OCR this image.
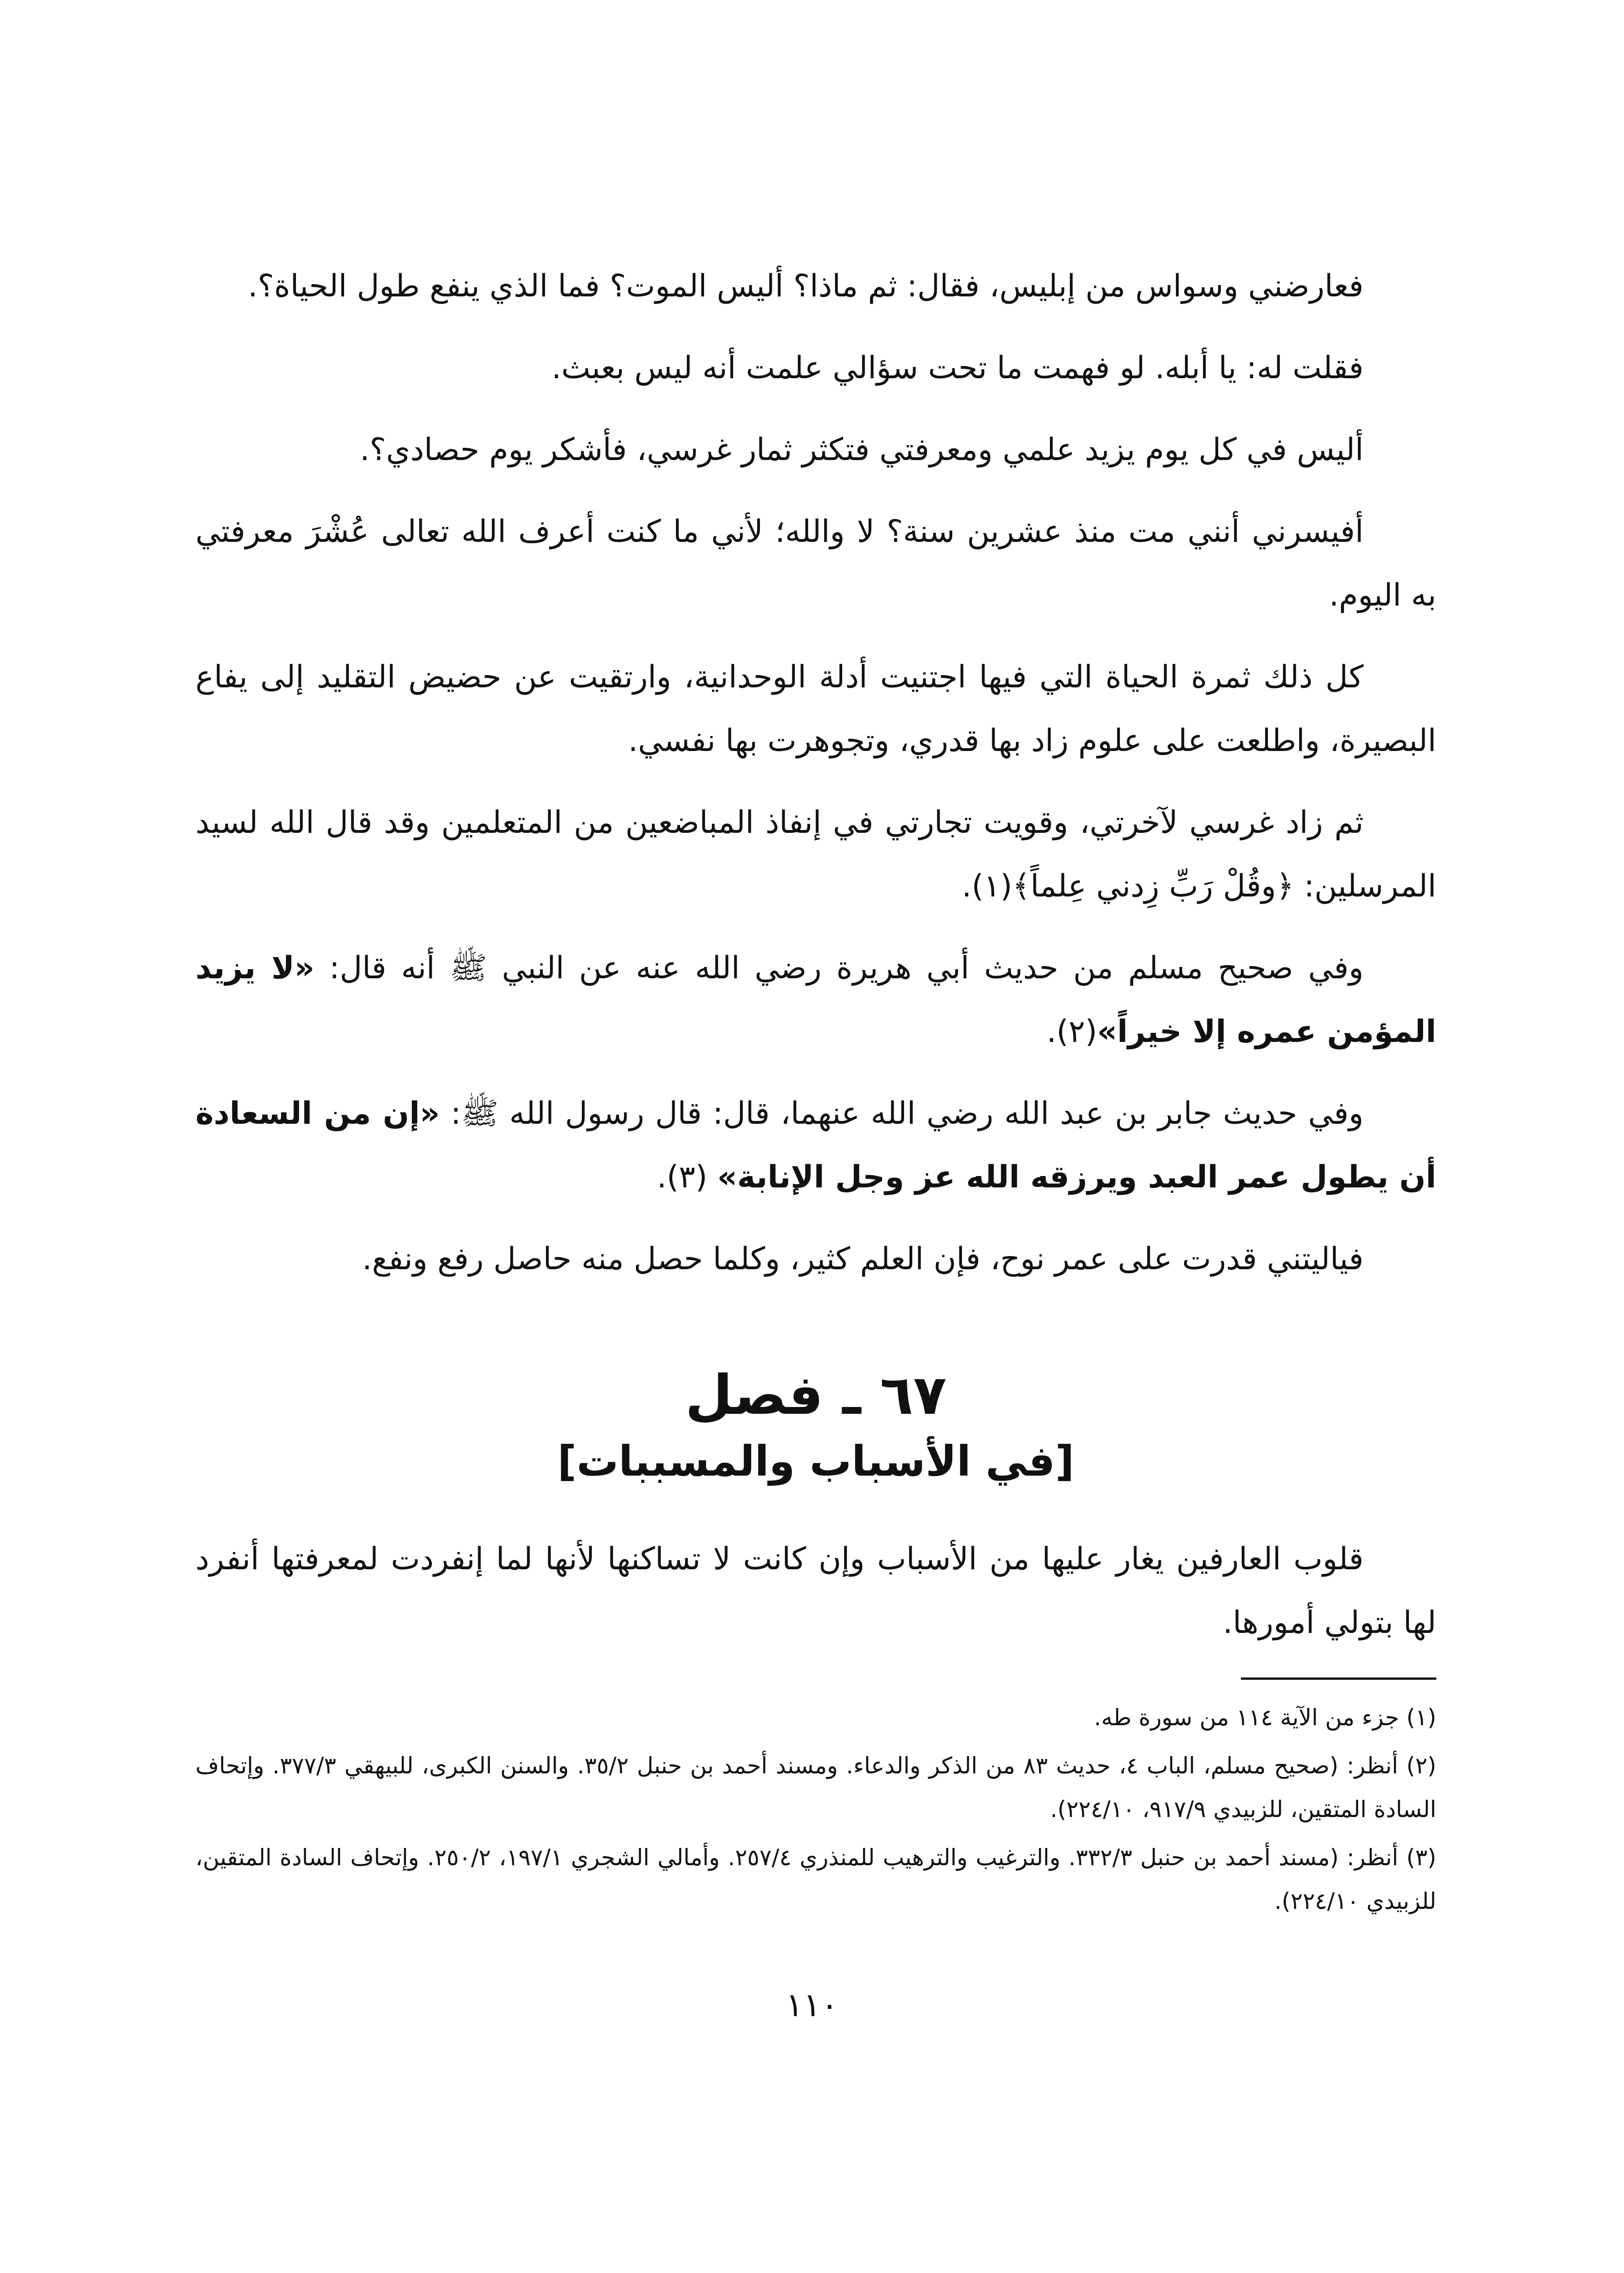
فعارضني وسواس من إبليس، فقال: ثم ماذا؟ أليس الموت؟ فما الذي ينفع طول الحياة؟.

فقلت له: يا أبله. لو فهمت ما تحت سؤالي علمت أنه ليس بعبث.

أليس في كل يوم يزيد علمي ومعرفتي فتكثر ثمار غرسي، فأشكر يوم حصادي؟.

أفيسرني أنني مت منذ عشرين سنة؟ لا والله؛ لأني ما كنت أعرف الله تعالى عُشْرَ معرفتي به اليوم.

كل ذلك ثمرة الحياة التي فيها اجتنيت أدلة الوحدانية، وارتقيت عن حضيض التقليد إلى يفاع البصيرة، واطلعت على علوم زاد بها قدري، وتجوهرت بها نفسي.

ثم زاد غرسي لآخرتي، وقويت تجارتي في إنفاذ المباضعين من المتعلمين وقد قال الله لسيد المرسلين: ﴿وقُلْ رَبِّ زِدني عِلماً﴾(١).

وفي صحيح مسلم من حديث أبي هريرة رضي الله عنه عن النبي ﷺ أنه قال: «لا يزيد المؤمن عمره إلا خيراً»(٢).

وفي حديث جابر بن عبد الله رضي الله عنهما، قال: قال رسول الله ﷺ: «إن من السعادة أن يطول عمر العبد ويرزقه الله عز وجل الإنابة» (٣).

فياليتني قدرت على عمر نوح، فإن العلم كثير، وكلما حصل منه حاصل رفع ونفع.

٦٧ ـ فصل
[في الأسباب والمسببات]

قلوب العارفين يغار عليها من الأسباب وإن كانت لا تساكنها لأنها لما إنفردت لمعرفتها أنفرد لها بتولي أمورها.

(١) جزء من الآية ١١٤ من سورة طه.

(٢) أنظر: (صحيح مسلم، الباب ٤، حديث ٨٣ من الذكر والدعاء. ومسند أحمد بن حنبل ٣٥/٢. والسنن الكبرى، للبيهقي ٣٧٧/٣. وإتحاف السادة المتقين، للزبيدي ٩١٧/٩، ٢٢٤/١٠).

(٣) أنظر: (مسند أحمد بن حنبل ٣٣٢/٣. والترغيب والترهيب للمنذري ٢٥٧/٤. وأمالي الشجري ١٩٧/١، ٢٥٠/٢. وإتحاف السادة المتقين، للزبيدي ٢٢٤/١٠).

١١٠
